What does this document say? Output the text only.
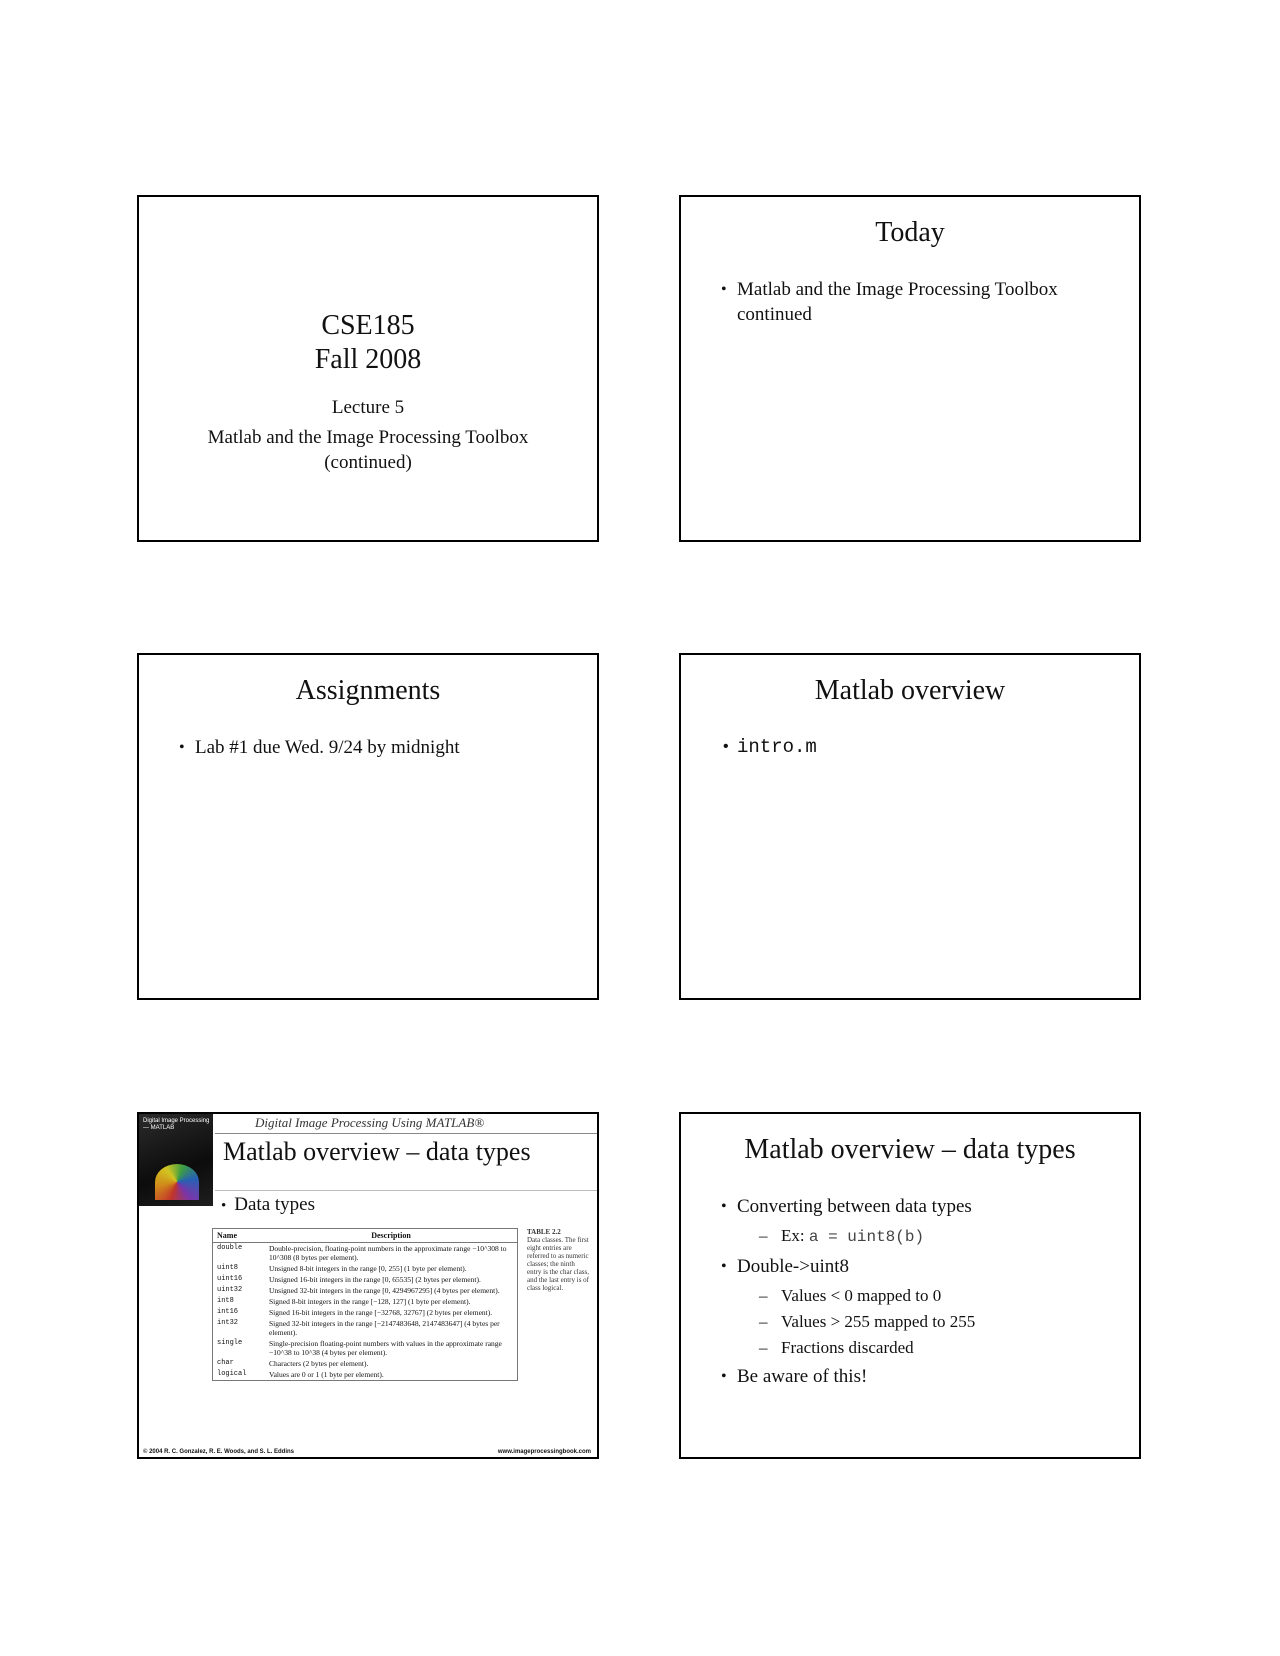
CSE185
Fall 2008
Lecture 5
Matlab and the Image Processing Toolbox (continued)
Today
• Matlab and the Image Processing Toolbox continued
Assignments
• Lab #1 due Wed. 9/24 by midnight
Matlab overview
• intro.m
Digital Image Processing — MATLAB	Digital Image Processing Using MATLAB®
Matlab overview – data types
• Data types
Name	Description
double	Double-precision, floating-point numbers in the approximate range −10^308 to 10^308 (8 bytes per element).
uint8	Unsigned 8-bit integers in the range [0, 255] (1 byte per element).
uint16	Unsigned 16-bit integers in the range [0, 65535] (2 bytes per element).
uint32	Unsigned 32-bit integers in the range [0, 4294967295] (4 bytes per element).
int8	Signed 8-bit integers in the range [−128, 127] (1 byte per element).
int16	Signed 16-bit integers in the range [−32768, 32767] (2 bytes per element).
int32	Signed 32-bit integers in the range [−2147483648, 2147483647] (4 bytes per element).
single	Single-precision floating-point numbers with values in the approximate range −10^38 to 10^38 (4 bytes per element).
char	Characters (2 bytes per element).
logical	Values are 0 or 1 (1 byte per element).
TABLE 2.2
Data classes. The first eight entries are referred to as numeric classes; the ninth entry is the char class, and the last entry is of class logical.
© 2004 R. C. Gonzalez, R. E. Woods, and S. L. Eddins	www.imageprocessingbook.com
Matlab overview – data types
• Converting between data types
– Ex: a = uint8(b)
• Double->uint8
– Values < 0 mapped to 0
– Values > 255 mapped to 255
– Fractions discarded
• Be aware of this!
